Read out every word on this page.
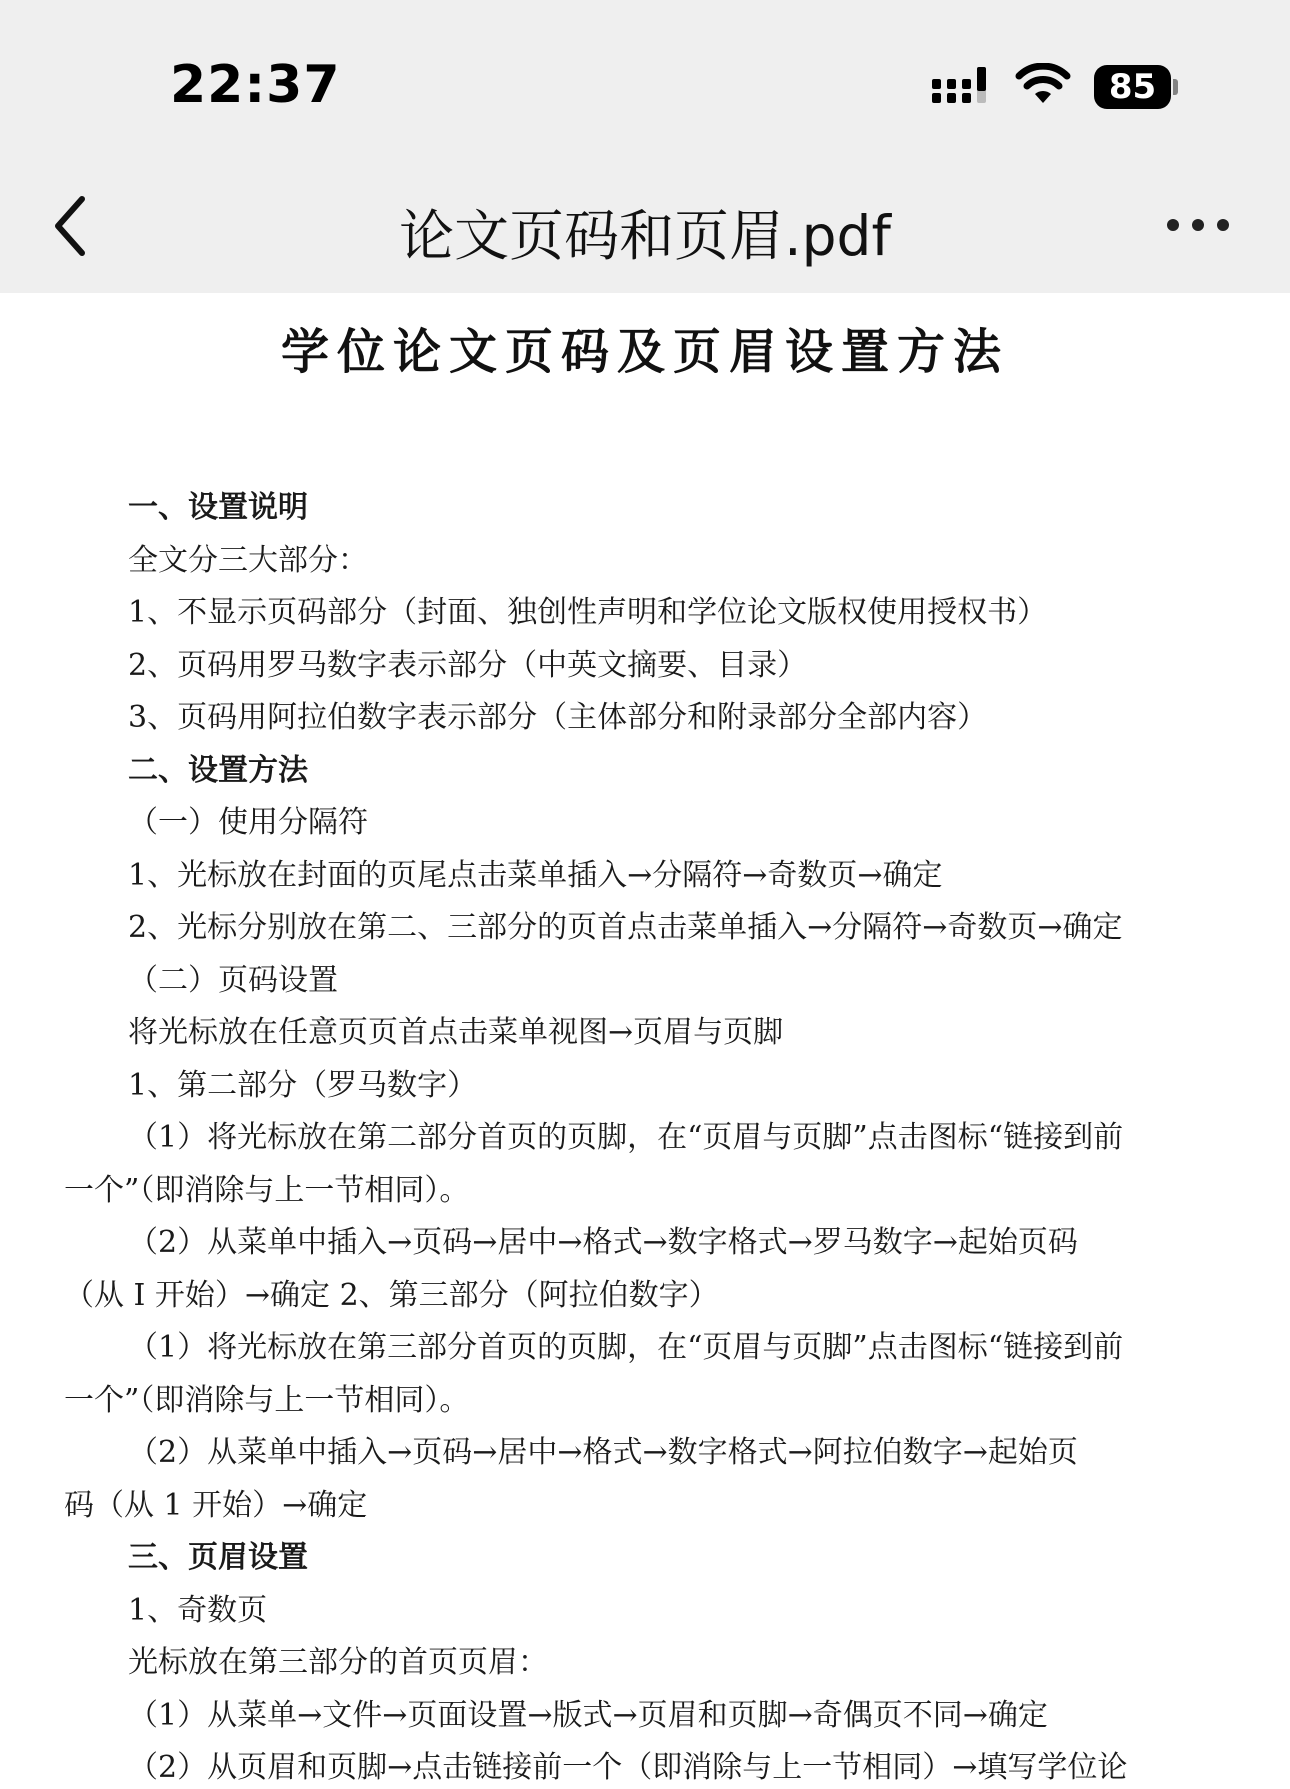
22:37	85
论文页码和页眉.pdf
学位论文页码及页眉设置方法
一、设置说明
全文分三大部分：
1、不显示页码部分（封面、独创性声明和学位论文版权使用授权书）
2、页码用罗马数字表示部分（中英文摘要、目录）
3、页码用阿拉伯数字表示部分（主体部分和附录部分全部内容）
二、设置方法
（一）使用分隔符
1、光标放在封面的页尾点击菜单插入→分隔符→奇数页→确定
2、光标分别放在第二、三部分的页首点击菜单插入→分隔符→奇数页→确定
（二）页码设置
将光标放在任意页页首点击菜单视图→页眉与页脚
1、第二部分（罗马数字）
（1）将光标放在第二部分首页的页脚，在“页眉与页脚”点击图标“链接到前
一个”（即消除与上一节相同）。
（2）从菜单中插入→页码→居中→格式→数字格式→罗马数字→起始页码
（从 I 开始）→确定 2、第三部分（阿拉伯数字）
（1）将光标放在第三部分首页的页脚，在“页眉与页脚”点击图标“链接到前
一个”（即消除与上一节相同）。
（2）从菜单中插入→页码→居中→格式→数字格式→阿拉伯数字→起始页
码（从 1 开始）→确定
三、页眉设置
1、奇数页
光标放在第三部分的首页页眉：
（1）从菜单→文件→页面设置→版式→页眉和页脚→奇偶页不同→确定
（2）从页眉和页脚→点击链接前一个（即消除与上一节相同）→填写学位论
